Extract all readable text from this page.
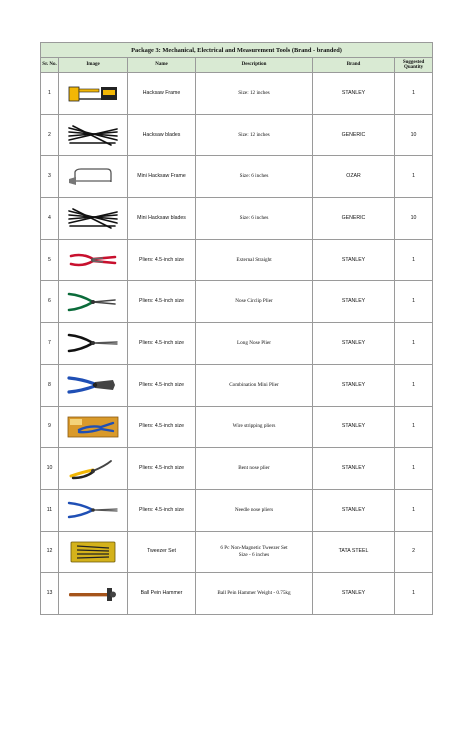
Package 3: Mechanical, Electrical and Measurement Tools (Brand - branded)					
Sr. No.	Image	Name	Description	Brand	Suggested Quantity
1		Hacksaw Frame	Size: 12 inches	STANLEY	1
2		Hacksaw blades	Size: 12 inches	GENERIC	10
3		Mini Hacksaw Frame	Size: 6 inches	OZAR	1
4		Mini Hacksaw blades	Size: 6 inches	GENERIC	10
5		Pliers: 4.5-inch size	External Straight	STANLEY	1
6		Pliers: 4.5-inch size	Nose Circlip Plier	STANLEY	1
7		Pliers: 4.5-inch size	Long Nose Plier	STANLEY	1
8		Pliers: 4.5-inch size	Combination Mini Plier	STANLEY	1
9		Pliers: 4.5-inch size	Wire stripping pliers	STANLEY	1
10		Pliers: 4.5-inch size	Bent nose plier	STANLEY	1
11		Pliers: 4.5-inch size	Needle nose pliers	STANLEY	1
12		Tweezer Set	6 Pc Non-Magnetic Tweezer Set
Size - 6 inches	TATA STEEL	2
13		Ball Pein Hammer	Ball Pein Hammer Weight - 0.75kg	STANLEY	1
